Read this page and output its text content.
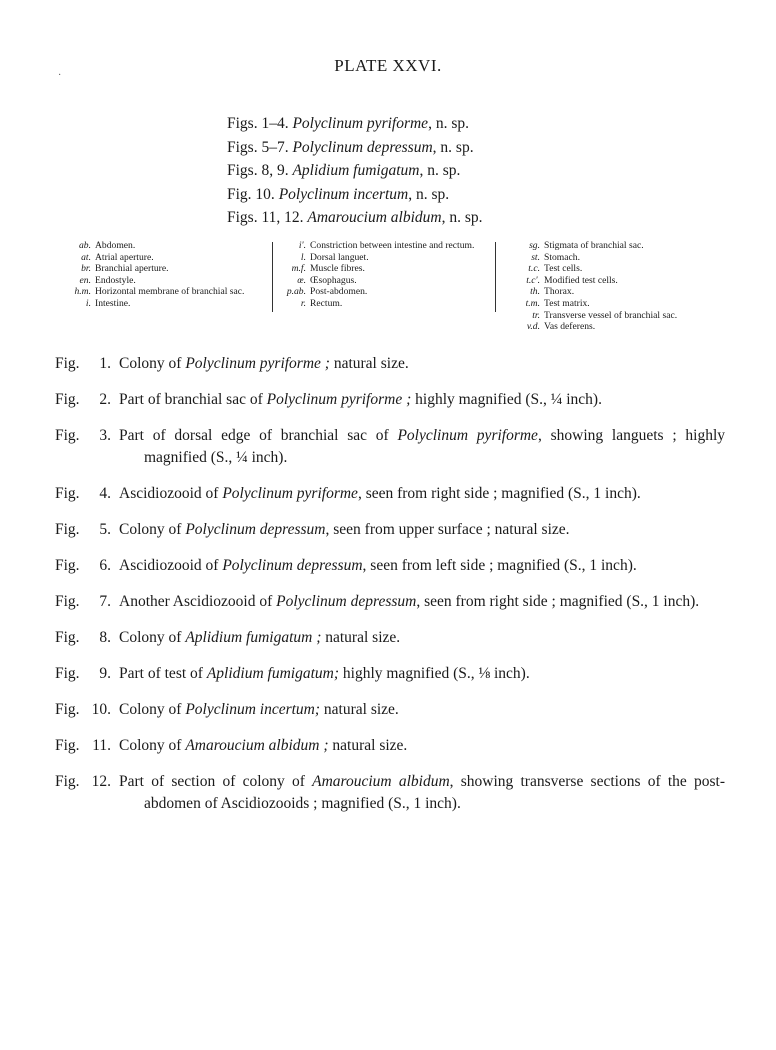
·
PLATE XXVI.
Figs. 1–4. Polyclinum pyriforme, n. sp.
Figs. 5–7. Polyclinum depressum, n. sp.
Figs. 8, 9. Aplidium fumigatum, n. sp.
Fig. 10. Polyclinum incertum, n. sp.
Figs. 11, 12. Amaroucium albidum, n. sp.
ab. Abdomen.
at. Atrial aperture.
br. Branchial aperture.
en. Endostyle.
h.m. Horizontal membrane of branchial sac.
i. Intestine.
i'. Constriction between intestine and rectum.
l. Dorsal languet.
m.f. Muscle fibres.
œ. Œsophagus.
p.ab. Post-abdomen.
r. Rectum.
sg. Stigmata of branchial sac.
st. Stomach.
t.c. Test cells.
t.c'. Modified test cells.
th. Thorax.
t.m. Test matrix.
tr. Transverse vessel of branchial sac.
v.d. Vas deferens.
Fig. 1. Colony of Polyclinum pyriforme ; natural size.
Fig. 2. Part of branchial sac of Polyclinum pyriforme ; highly magnified (S., ¼ inch).
Fig. 3. Part of dorsal edge of branchial sac of Polyclinum pyriforme, showing languets ; highly magnified (S., ¼ inch).
Fig. 4. Ascidiozooid of Polyclinum pyriforme, seen from right side ; magnified (S., 1 inch).
Fig. 5. Colony of Polyclinum depressum, seen from upper surface ; natural size.
Fig. 6. Ascidiozooid of Polyclinum depressum, seen from left side ; magnified (S., 1 inch).
Fig. 7. Another Ascidiozooid of Polyclinum depressum, seen from right side ; magnified (S., 1 inch).
Fig. 8. Colony of Aplidium fumigatum ; natural size.
Fig. 9. Part of test of Aplidium fumigatum; highly magnified (S., ⅛ inch).
Fig. 10. Colony of Polyclinum incertum; natural size.
Fig. 11. Colony of Amaroucium albidum ; natural size.
Fig. 12. Part of section of colony of Amaroucium albidum, showing transverse sections of the post-abdomen of Ascidiozooids ; magnified (S., 1 inch).
